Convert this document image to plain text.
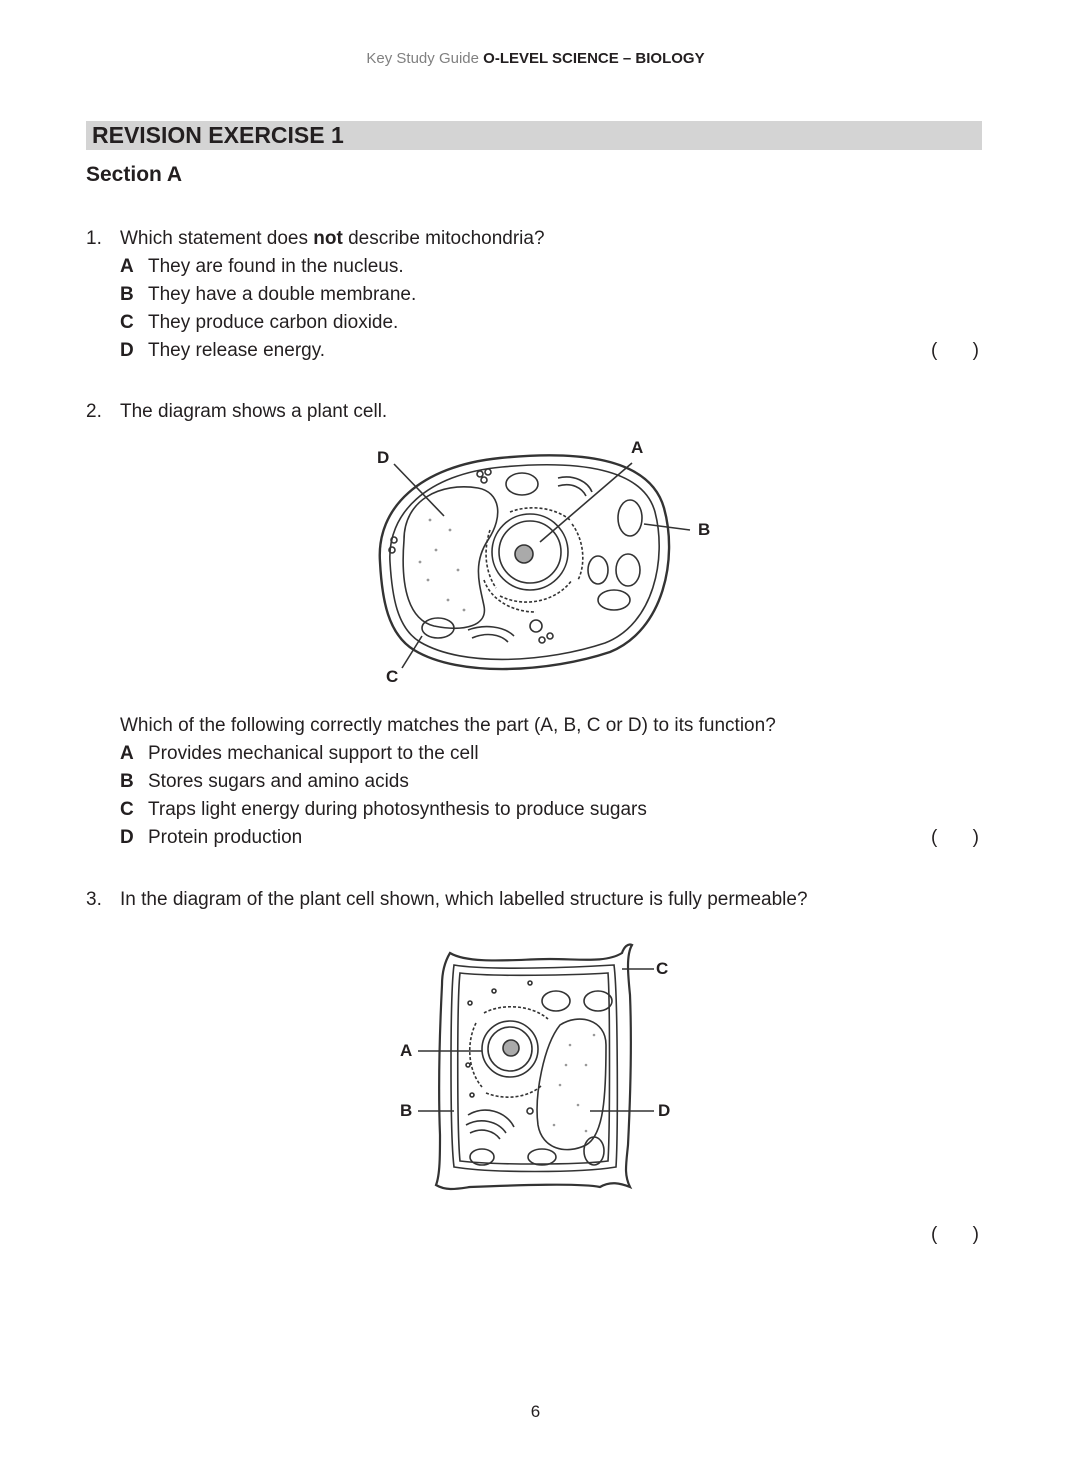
Key Study Guide O-LEVEL SCIENCE – BIOLOGY
REVISION EXERCISE 1
Section A
1. Which statement does not describe mitochondria?
A They are found in the nucleus.
B They have a double membrane.
C They produce carbon dioxide.
D They release energy.	( )
2. The diagram shows a plant cell.
D
A
B
C
Which of the following correctly matches the part (A, B, C or D) to its function?
A Provides mechanical support to the cell
B Stores sugars and amino acids
C Traps light energy during photosynthesis to produce sugars
D Protein production	( )
3. In the diagram of the plant cell shown, which labelled structure is fully permeable?
C
A
B	D
( )
6
